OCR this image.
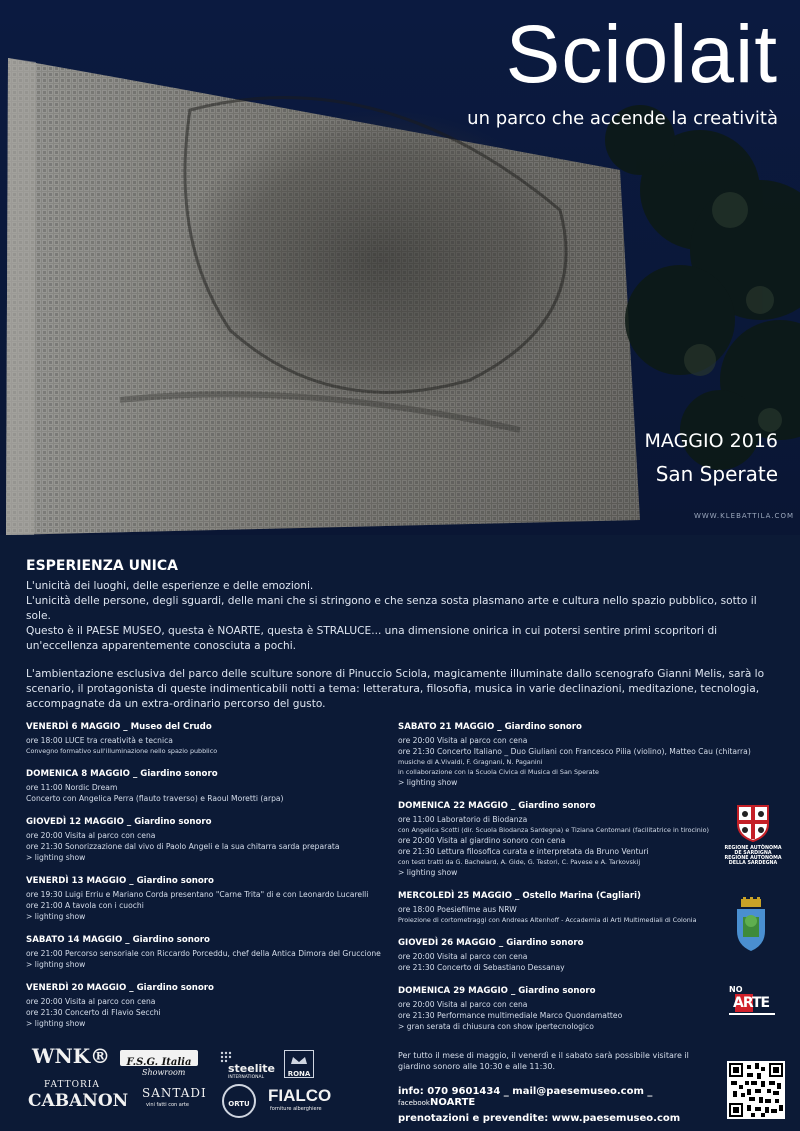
Sciolait
un parco che accende la creatività
MAGGIO 2016
San Sperate
WWW.KLEBATTILA.COM
ESPERIENZA UNICA

L'unicità dei luoghi, delle esperienze e delle emozioni.
L'unicità delle persone, degli sguardi, delle mani che si stringono e che senza sosta plasmano arte e cultura nello spazio pubblico, sotto il sole.
Questo è il PAESE MUSEO, questa è NOARTE, questa è STRALUCE... una dimensione onirica in cui potersi sentire primi scopritori di un'eccellenza apparentemente conosciuta a pochi.

L'ambientazione esclusiva del parco delle sculture sonore di Pinuccio Sciola, magicamente illuminate dallo scenografo Gianni Melis, sarà lo scenario, il protagonista di queste indimenticabili notti a tema: letteratura, filosofia, musica in varie declinazioni, meditazione, tecnologia, accompagnate da un extra-ordinario percorso del gusto.

VENERDÌ 6 MAGGIO _ Museo del Crudo
ore 18:00 LUCE tra creatività e tecnica
Convegno formativo sull'illuminazione nello spazio pubblico
DOMENICA 8 MAGGIO _ Giardino sonoro
ore 11:00 Nordic Dream
Concerto con Angelica Perra (flauto traverso) e Raoul Moretti (arpa)
GIOVEDÌ 12 MAGGIO _ Giardino sonoro
ore 20:00 Visita al parco con cena
ore 21:30 Sonorizzazione dal vivo di Paolo Angeli e la sua chitarra sarda preparata
> lighting show
VENERDÌ 13 MAGGIO _ Giardino sonoro
ore 19:30 Luigi Erriu e Mariano Corda presentano "Carne Trita" di e con Leonardo Lucarelli
ore 21:00 A tavola con i cuochi
> lighting show
SABATO 14 MAGGIO _ Giardino sonoro
ore 21:00 Percorso sensoriale con Riccardo Porceddu, chef della Antica Dimora del Gruccione
> lighting show
VENERDÌ 20 MAGGIO _ Giardino sonoro
ore 20:00 Visita al parco con cena
ore 21:30 Concerto di Flavio Secchi
> lighting show
SABATO 21 MAGGIO _ Giardino sonoro
ore 20:00 Visita al parco con cena
ore 21:30 Concerto Italiano _ Duo Giuliani con Francesco Pilia (violino), Matteo Cau (chitarra)
musiche di A.Vivaldi, F. Gragnani, N. Paganini
in collaborazione con la Scuola Civica di Musica di San Sperate
> lighting show
DOMENICA 22 MAGGIO _ Giardino sonoro
ore 11:00 Laboratorio di Biodanza
con Angelica Scotti (dir. Scuola Biodanza Sardegna) e Tiziana Centomani (facilitatrice in tirocinio)
ore 20:00 Visita al giardino sonoro con cena
ore 21:30 Lettura filosofica curata e interpretata da Bruno Venturi
con testi tratti da G. Bachelard, A. Gide, G. Testori, C. Pavese e A. Tarkovskij
> lighting show
MERCOLEDÌ 25 MAGGIO _ Ostello Marina (Cagliari)
ore 18:00 Poesiefilme aus NRW
Proiezione di cortometraggi con Andreas Altenhoff - Accademia di Arti Multimediali di Colonia
GIOVEDÌ 26 MAGGIO _ Giardino sonoro
ore 20:00 Visita al parco con cena
ore 21:30 Concerto di Sebastiano Dessanay
DOMENICA 29 MAGGIO _ Giardino sonoro
ore 20:00 Visita al parco con cena
ore 21:30 Performance multimediale Marco Quondamatteo
> gran serata di chiusura con show ipertecnologico
REGIONE AUTÒNOMA
DE SARDIGNA
REGIONE AUTONOMA
DELLA SARDEGNA
NO
ARTE
WNK®	F.S.G. Italia
Showroom	steelite
INTERNATIONAL	RONA
FATTORIA
CABANON SANTADI
vini fatti con arte	ORTU	FIALCO
forniture alberghiere
Per tutto il mese di maggio, il venerdì e il sabato sarà possibile visitare il giardino sonoro alle 10:30 e alle 11:30.
info: 070 9601434 _ mail@paesemuseo.com _ facebookNOARTE
prenotazioni e prevendite: www.paesemuseo.com
